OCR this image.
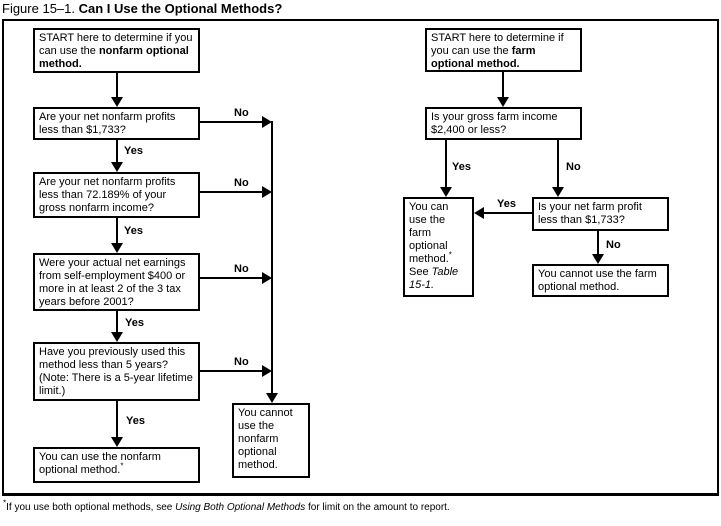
Figure 15–1. Can I Use the Optional Methods?
START here to determine if you can use the nonfarm optional method.
Are your net nonfarm profits less than $1,733?
Are your net nonfarm profits less than 72.189% of your gross nonfarm income?
Were your actual net earnings from self-employment $400 or more in at least 2 of the 3 tax years before 2001?
Have you previously used this method less than 5 years? (Note: There is a 5-year lifetime limit.)
You can use the nonfarm optional method.*
You cannot use the nonfarm optional method.
START here to determine if you can use the farm optional method.
Is your gross farm income $2,400 or less?
You can use the farm optional method.* See Table 15-1.
Is your net farm profit less than $1,733?
You cannot use the farm optional method.
Yes
Yes
Yes
Yes
No
No
No
No
Yes	No
Yes
No
*If you use both optional methods, see Using Both Optional Methods for limit on the amount to report.
